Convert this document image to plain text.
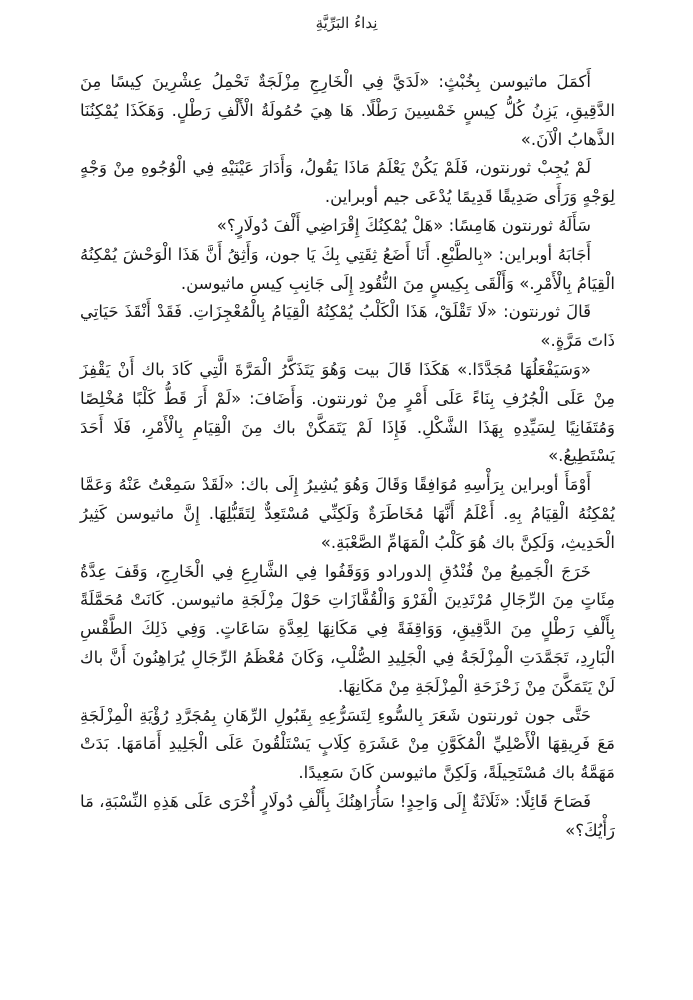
نِداءُ البَرِّيَّةِ

أَكمَلَ ماثيوسن بِخُبْثٍ: «لَدَيَّ فِي الْخَارِجِ مِزْلَجَةٌ تَحْمِلُ عِشْرِينَ كِيسًا مِنَ الدَّقِيقِ، يَزِنُ كُلُّ كِيسٍ خَمْسِينَ رَطْلًا. هَا هِيَ حُمُولَةُ الْأَلْفِ رَطْلٍ. وَهَكَذَا يُمْكِنُنَا الذَّهابُ الْآنَ.»

لَمْ يُجِبْ ثورنتون، فَلَمْ يَكُنْ يَعْلَمُ مَاذَا يَقُولُ، وَأَدَارَ عَيْنَيْهِ فِي الْوُجُوهِ مِنْ وَجْهٍ لِوَجْهٍ وَرَأَى صَدِيقًا قَدِيمًا يُدْعَى جيم أوبراين.

سَأَلَهُ ثورنتون هَامِسًا: «هَلْ يُمْكِنُكَ إِقْرَاضِي أَلْفَ دُولَارٍ؟»

أَجَابَهُ أوبراين: «بِالطَّبْعِ. أَنَا أَضَعُ ثِقَتِي بِكَ يَا جون، وَأَثِقُ أَنَّ هَذَا الْوَحْشَ يُمْكِنُهُ الْقِيَامُ بِالْأَمْرِ.» وَأَلْقَى بِكِيسٍ مِنَ النُّقُودِ إِلَى جَانِبِ كِيسِ ماثيوسن.

قَالَ ثورنتون: «لَا تَقْلَقْ، هَذَا الْكَلْبُ يُمْكِنُهُ الْقِيَامُ بِالْمُعْجِزَاتِ. فَقَدْ أَنْقَذَ حَيَاتِي ذَاتَ مَرَّةٍ.»

«وَسَيَفْعَلُهَا مُجَدَّدًا.» هَكَذَا قَالَ بيت وَهُوَ يَتَذَكَّرُ الْمَرَّةَ الَّتِي كَادَ باك أَنْ يَقْفِزَ مِنْ عَلَى الْجُرُفِ بِنَاءً عَلَى أَمْرٍ مِنْ ثورنتون. وَأَضَافَ: «لَمْ أَرَ قَطُّ كَلْبًا مُخْلِصًا وَمُتَفَانِيًا لِسَيِّدِهِ بِهَذَا الشَّكْلِ. فَإِذَا لَمْ يَتَمَكَّنْ باك مِنَ الْقِيَامِ بِالْأَمْرِ، فَلَا أَحَدَ يَسْتَطِيعُ.»

أَوْمَأَ أوبراين بِرَأْسِهِ مُوَافِقًا وَقَالَ وَهُوَ يُشِيرُ إِلَى باك: «لَقَدْ سَمِعْتُ عَنْهُ وَعَمَّا يُمْكِنُهُ الْقِيَامُ بِهِ. أَعْلَمُ أَنَّهَا مُخَاطَرَةٌ وَلَكِنِّي مُسْتَعِدٌّ لِتَقَبُّلِهَا. إِنَّ ماثيوسن كَثِيرُ الْحَدِيثِ، وَلَكِنَّ باك هُوَ كَلْبُ الْمَهَامِّ الصَّعْبَةِ.»

خَرَجَ الْجَمِيعُ مِنْ فُنْدُقِ إلدورادو وَوَقَفُوا فِي الشَّارِعِ فِي الْخَارِجِ، وَقَفَ عِدَّةُ مِئَاتٍ مِنَ الرِّجَالِ مُرْتَدِينَ الْفَرْوَ وَالْقُفَّازَاتِ حَوْلَ مِزْلَجَةِ ماثيوسن. كَانَتْ مُحَمَّلَةً بِأَلْفِ رَطْلٍ مِنَ الدَّقِيقِ، وَوَاقِفَةً فِي مَكَانِهَا لِعِدَّةِ سَاعَاتٍ. وَفِي ذَلِكَ الطَّقْسِ الْبَارِدِ، تَجَمَّدَتِ الْمِزْلَجَةُ فِي الْجَلِيدِ الصُّلْبِ، وَكَانَ مُعْظَمُ الرِّجَالِ يُرَاهِنُونَ أَنَّ باك لَنْ يَتَمَكَّنَ مِنْ زَحْزَحَةِ الْمِزْلَجَةِ مِنْ مَكَانِهَا.

حَتَّى جون ثورنتون شَعَرَ بِالسُّوءِ لِتَسَرُّعِهِ بِقَبُولِ الرِّهَانِ بِمُجَرَّدِ رُؤْيَةِ الْمِزْلَجَةِ مَعَ فَرِيقِهَا الْأَصْلِيِّ الْمُكَوَّنِ مِنْ عَشَرَةِ كِلَابٍ يَسْتَلْقُونَ عَلَى الْجَلِيدِ أَمَامَهَا. بَدَتْ مَهَمَّةُ باك مُسْتَحِيلَةً، وَلَكِنَّ ماثيوسن كَانَ سَعِيدًا.

فَصَاحَ قَائِلًا: «ثَلَاثَةٌ إِلَى وَاحِدٍ! سَأُرَاهِنُكَ بِأَلْفِ دُولَارٍ أُخْرَى عَلَى هَذِهِ النِّسْبَةِ، مَا رَأْيُكَ؟»
